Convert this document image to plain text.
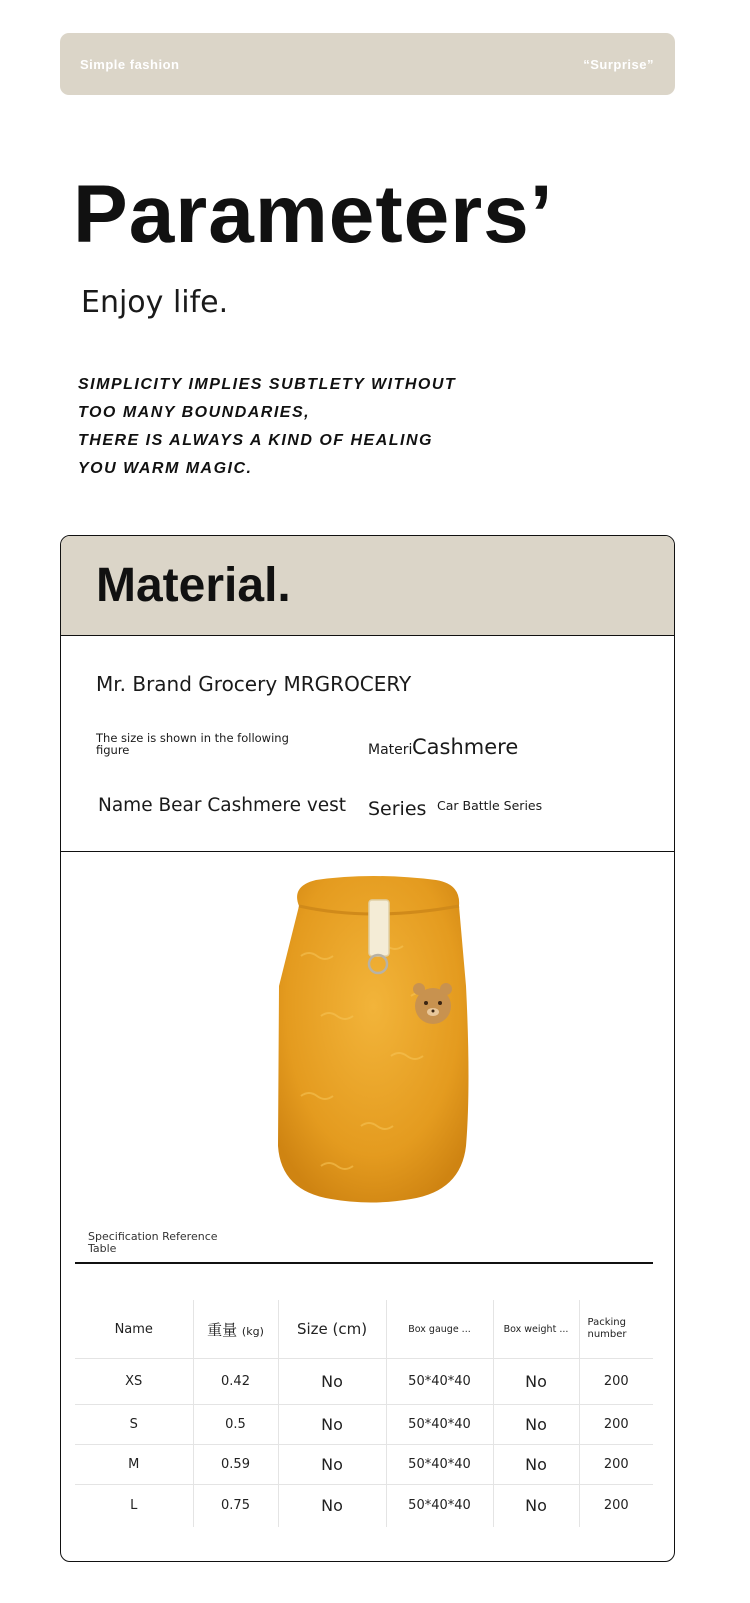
Simple fashion	“Surprise”
Parameters’
Enjoy life.
SIMPLICITY IMPLIES SUBTLETY WITHOUT
TOO MANY BOUNDARIES,
THERE IS ALWAYS A KIND OF HEALING
YOU WARM MAGIC.
Material.
Mr. Brand Grocery MRGROCERY
The size is shown in the following figure	Materi Cashmere
Name Bear Cashmere vest Series Car Battle Series
Specification Reference Table
Name	重量 (kg)	Size (cm)	Box gauge ...	Box weight ...	Packing number
XS	0.42	No	50*40*40	No	200
S	0.5	No	50*40*40	No	200
M	0.59	No	50*40*40	No	200
L	0.75	No	50*40*40	No	200
